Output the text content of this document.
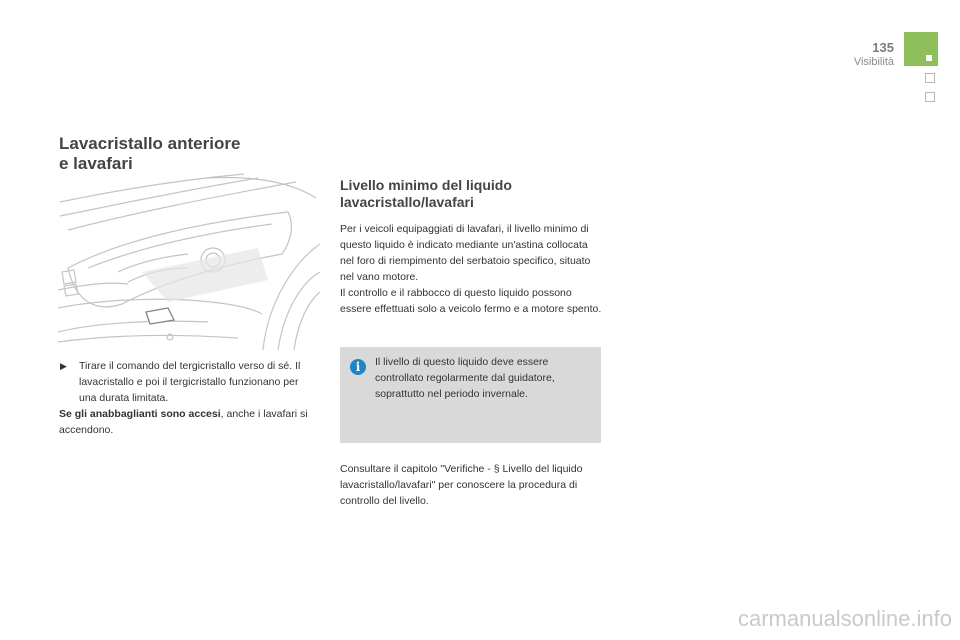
135
Visibilità
Lavacristallo anteriore
e lavafari
▶ Tirare il comando del tergicristallo verso di sé. Il lavacristallo e poi il tergicristallo funzionano per una durata limitata.
Se gli anabbaglianti sono accesi, anche i lavafari si accendono.
Livello minimo del liquido
lavacristallo/lavafari

Per i veicoli equipaggiati di lavafari, il livello minimo di questo liquido è indicato mediante un'astina collocata nel foro di riempimento del serbatoio specifico, situato nel vano motore.

Il controllo e il rabbocco di questo liquido possono essere effettuati solo a veicolo fermo e a motore spento.

i	Il livello di questo liquido deve essere controllato regolarmente dal guidatore, soprattutto nel periodo invernale.
Consultare il capitolo "Verifiche - § Livello del liquido lavacristallo/lavafari" per conoscere la procedura di controllo del livello.
carmanualsonline.info
